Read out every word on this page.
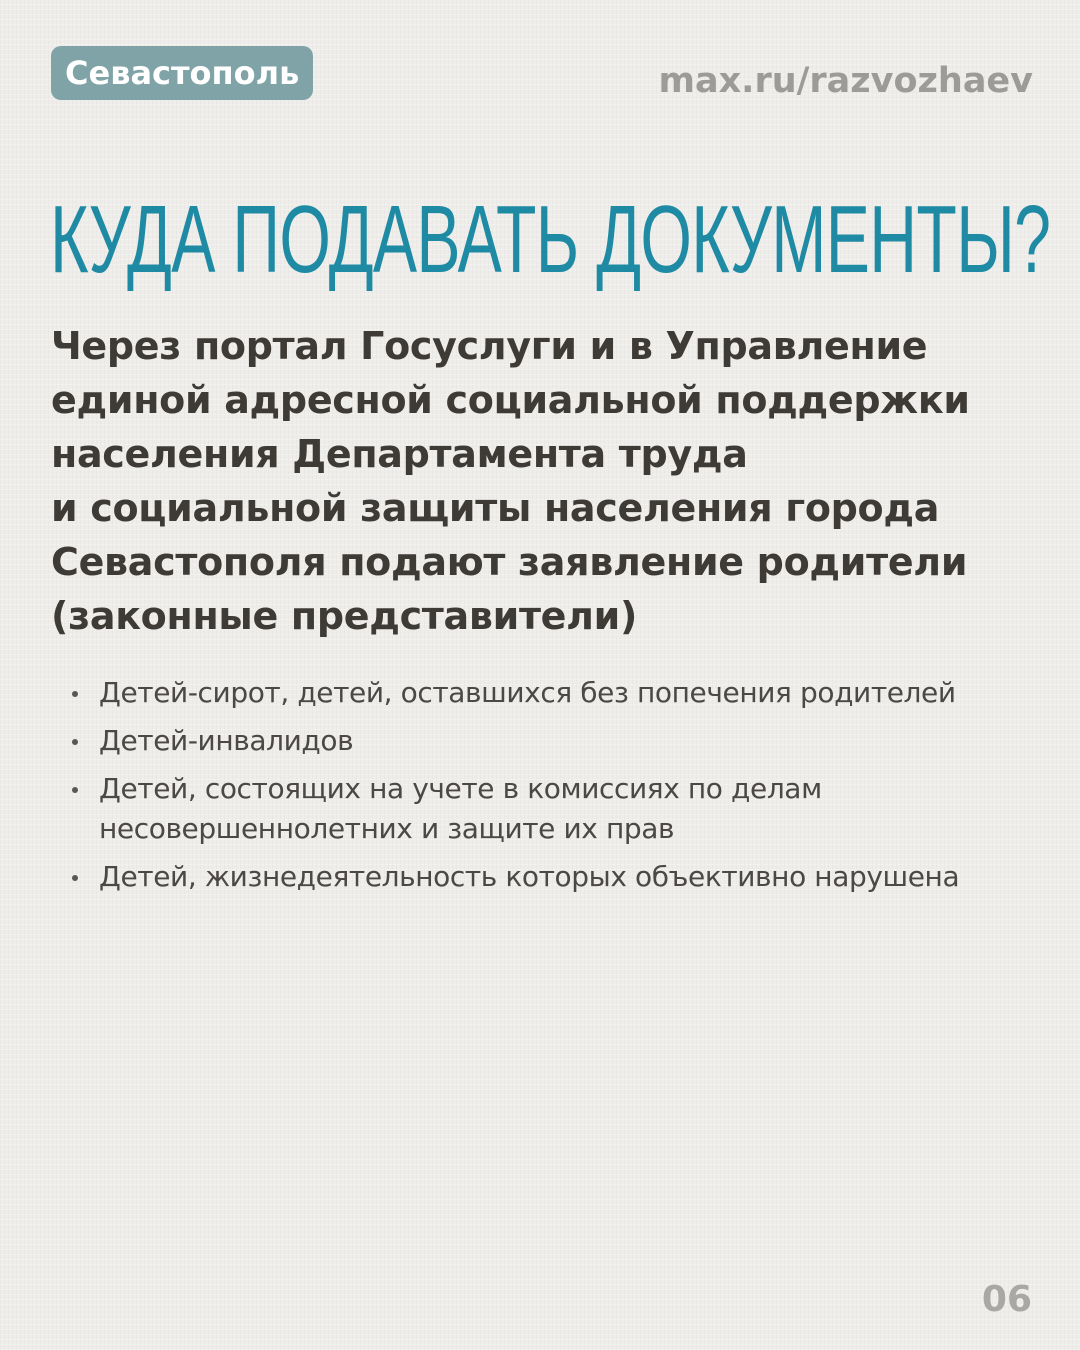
Севастополь	max.ru/razvozhaev
КУДА ПОДАВАТЬ ДОКУМЕНТЫ?

Через портал Госуслуги и в Управление
единой адресной социальной поддержки
населения Департамента труда
и социальной защиты населения города
Севастополя подают заявление родители
(законные представители)

Детей-сирот, детей, оставшихся без попечения родителей
Детей-инвалидов
Детей, состоящих на учете в комиссиях по делам
несовершеннолетних и защите их прав
Детей, жизнедеятельность которых объективно нарушена
06
